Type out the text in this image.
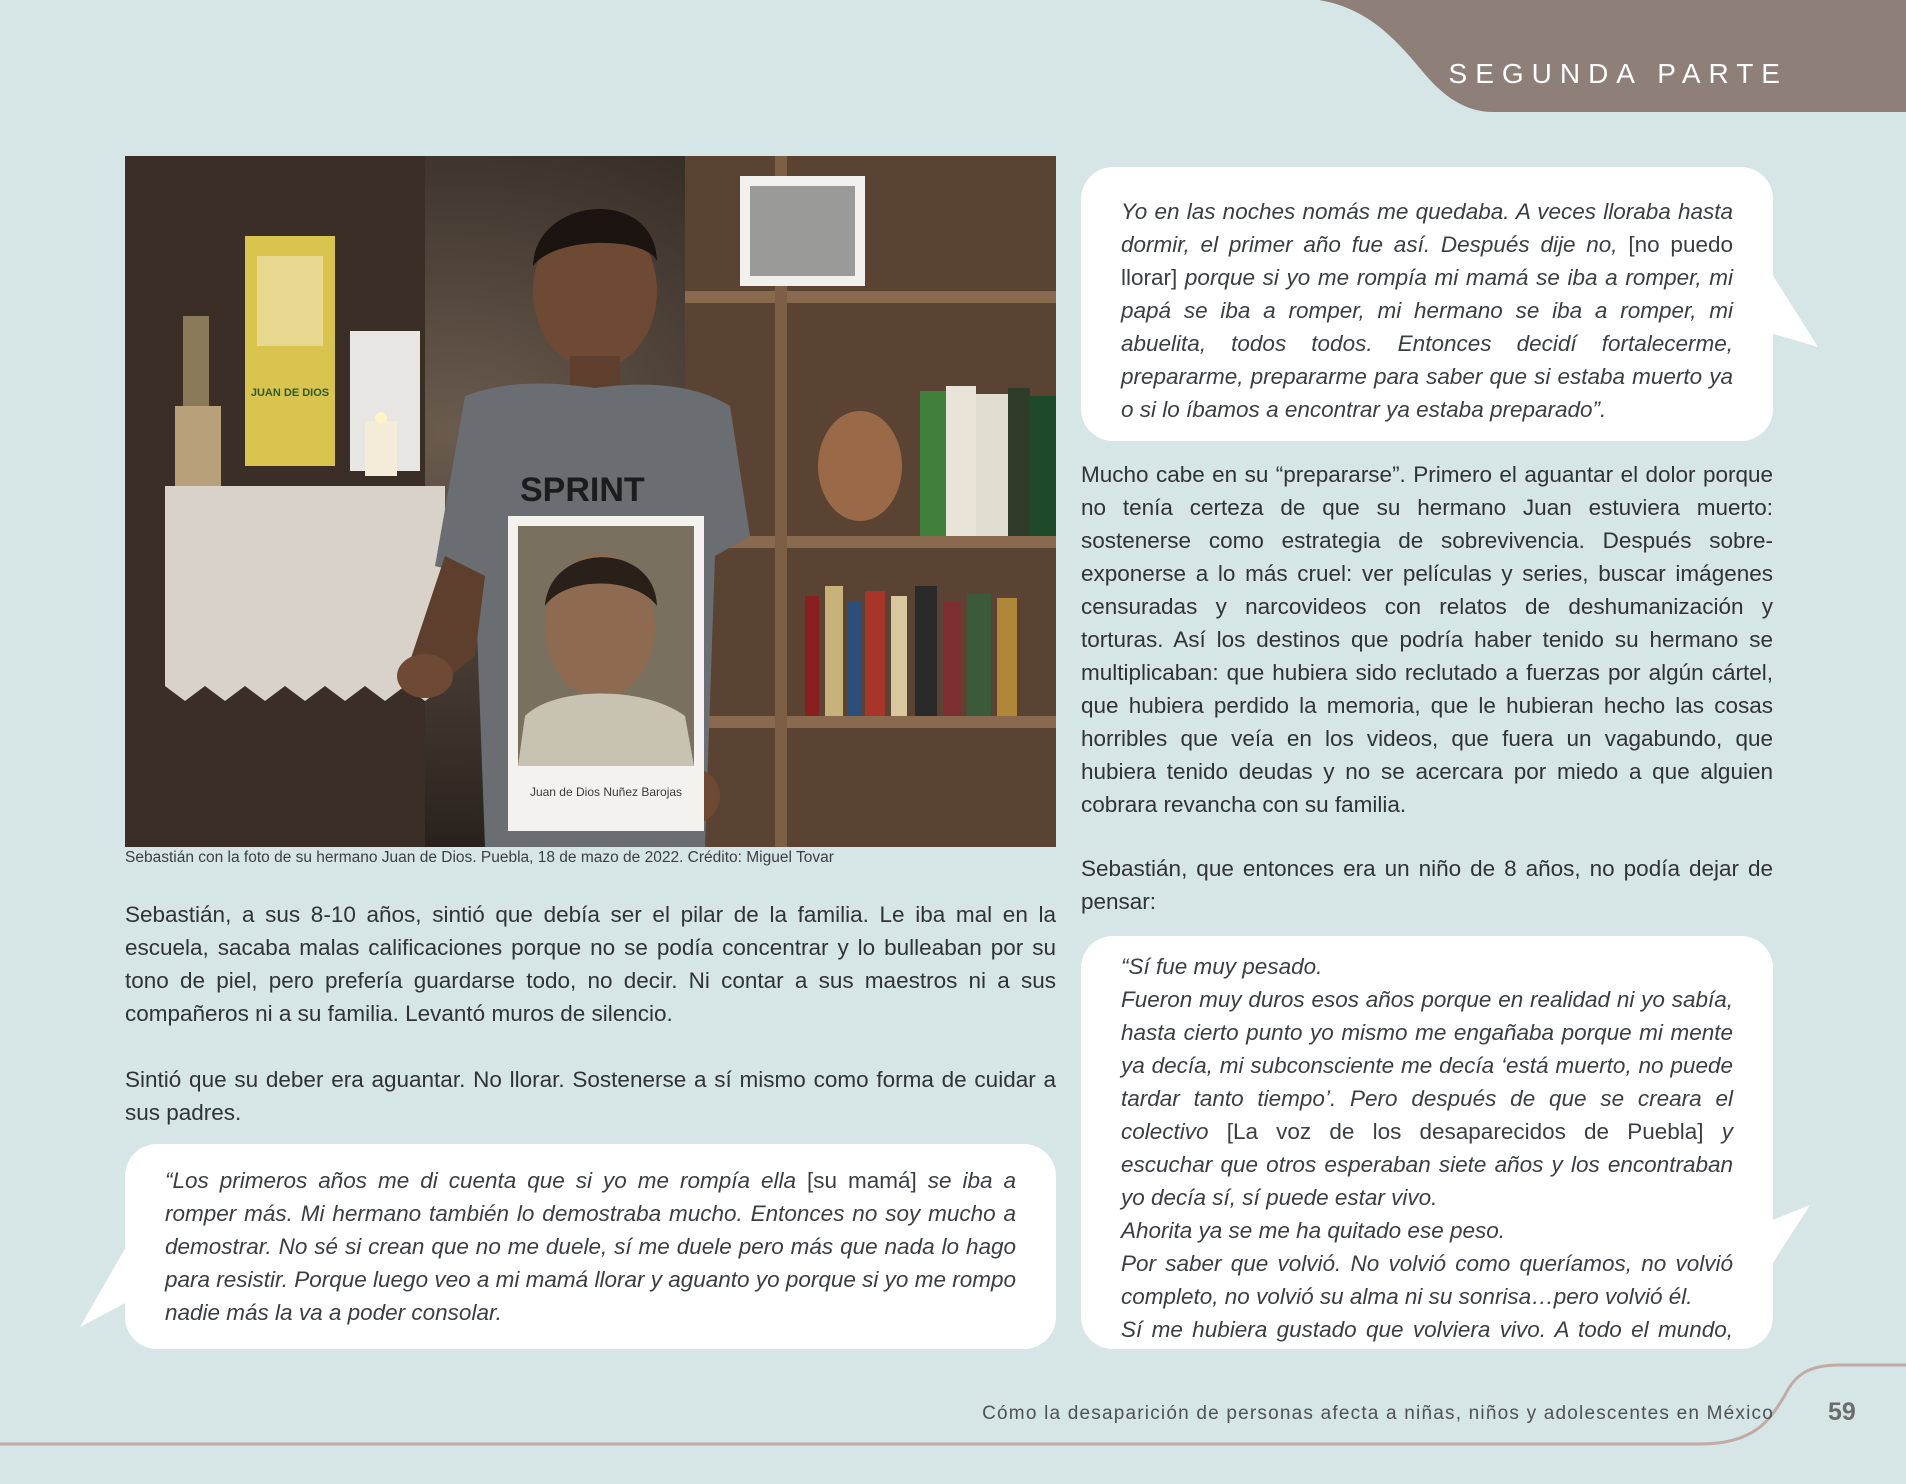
SEGUNDA PARTE
JUAN DE DIOS
SPRINT
Juan de Dios Nuñez Barojas
Sebastián con la foto de su hermano Juan de Dios. Puebla, 18 de mazo de 2022. Crédito: Miguel Tovar

Sebastián, a sus 8-10 años, sintió que debía ser el pilar de la familia. Le iba mal en la escuela, sacaba malas calificaciones porque no se podía concentrar y lo bulleaban por su tono de piel, pero prefería guardarse todo, no decir. Ni contar a sus maestros ni a sus compañeros ni a su familia. Levantó muros de silencio.

Sintió que su deber era aguantar. No llorar. Sostenerse a sí mismo como forma de cuidar a sus padres.

“Los primeros años me di cuenta que si yo me rompía ella [su mamá] se iba a romper más. Mi hermano también lo demostraba mucho. Entonces no soy mucho a demostrar. No sé si crean que no me duele, sí me duele pero más que nada lo hago para resistir. Porque luego veo a mi mamá llorar y aguanto yo porque si yo me rompo nadie más la va a poder consolar.

Yo en las noches nomás me quedaba. A veces lloraba hasta dormir, el primer año fue así. Después dije no, [no puedo llorar] porque si yo me rompía mi mamá se iba a romper, mi papá se iba a romper, mi hermano se iba a romper, mi abuelita, todos todos. Entonces decidí fortalecerme, prepararme, prepararme para saber que si estaba muerto ya o si lo íbamos a encontrar ya estaba preparado”.

Mucho cabe en su “prepararse”. Primero el aguantar el dolor porque no tenía certeza de que su hermano Juan estuviera muerto: sostenerse como estrategia de sobrevivencia. Después sobre-exponerse a lo más cruel: ver películas y series, buscar imágenes censuradas y narcovideos con relatos de deshumanización y torturas. Así los destinos que podría haber tenido su hermano se multiplicaban: que hubiera sido reclutado a fuerzas por algún cártel, que hubiera perdido la memoria, que le hubieran hecho las cosas horribles que veía en los videos, que fuera un vagabundo, que hubiera tenido deudas y no se acercara por miedo a que alguien cobrara revancha con su familia.

Sebastián, que entonces era un niño de 8 años, no podía dejar de pensar:

“Sí fue muy pesado.
Fueron muy duros esos años porque en realidad ni yo sabía, hasta cierto punto yo mismo me engañaba porque mi mente ya decía, mi subconsciente me decía ‘está muerto, no puede tardar tanto tiempo’. Pero después de que se creara el colectivo [La voz de los desaparecidos de Puebla] y escuchar que otros esperaban siete años y los encontraban yo decía sí, sí puede estar vivo.
Ahorita ya se me ha quitado ese peso.
Por saber que volvió. No volvió como queríamos, no volvió completo, no volvió su alma ni su sonrisa…pero volvió él.
Sí me hubiera gustado que volviera vivo. A todo el mundo,
Cómo la desaparición de personas afecta a niñas, niños y adolescentes en México 59
